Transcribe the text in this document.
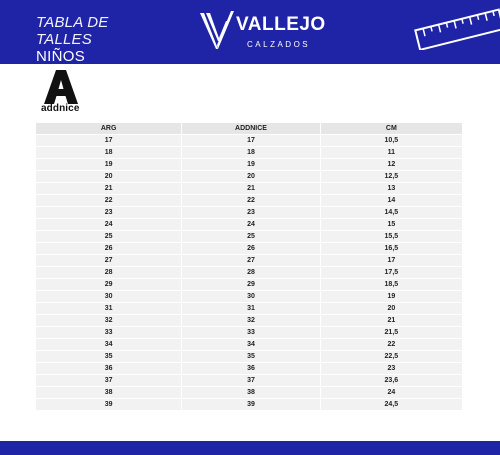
TABLA DE
TALLES
NIÑOS
VALLEJO
CALZADOS
addnice
ARG	ADDNICE	CM
17	17	10,5
18	18	11
19	19	12
20	20	12,5
21	21	13
22	22	14
23	23	14,5
24	24	15
25	25	15,5
26	26	16,5
27	27	17
28	28	17,5
29	29	18,5
30	30	19
31	31	20
32	32	21
33	33	21,5
34	34	22
35	35	22,5
36	36	23
37	37	23,6
38	38	24
39	39	24,5
